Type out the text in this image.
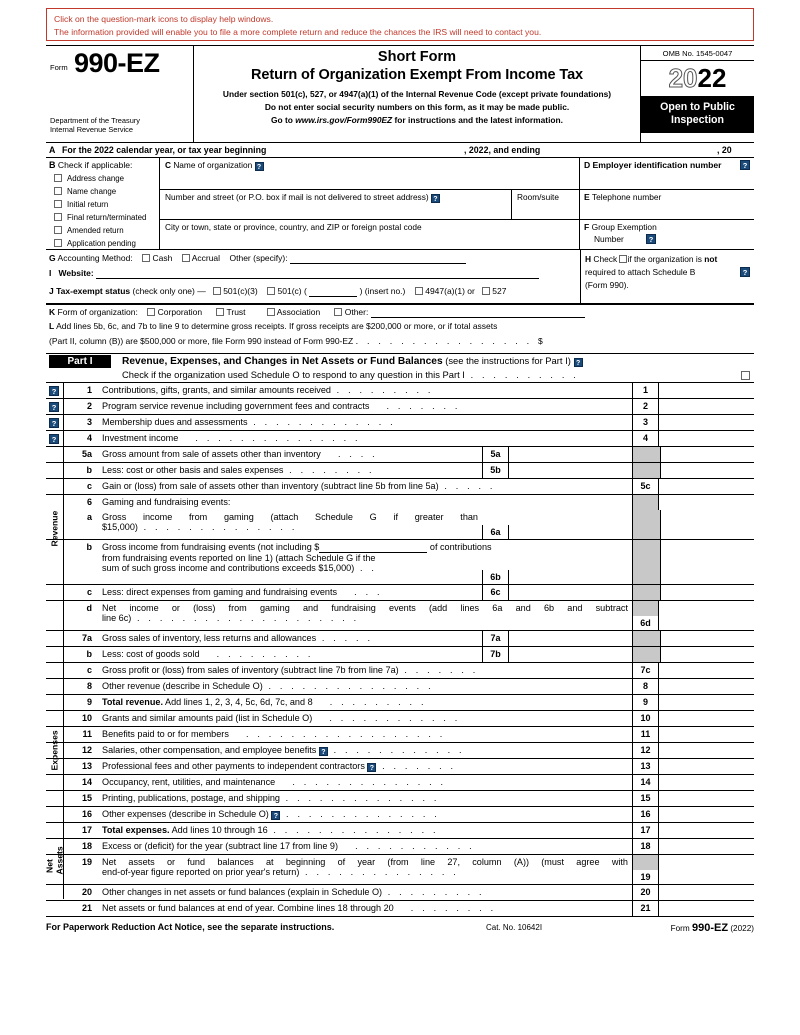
Click on the question-mark icons to display help windows.
The information provided will enable you to file a more complete return and reduce the chances the IRS will need to contact you.
Form 990-EZ
Department of the Treasury
Internal Revenue Service
Short Form
Return of Organization Exempt From Income Tax
Under section 501(c), 527, or 4947(a)(1) of the Internal Revenue Code (except private foundations)
Do not enter social security numbers on this form, as it may be made public.
Go to www.irs.gov/Form990EZ for instructions and the latest information.
OMB No. 1545-0047
2022
Open to Public
Inspection
A For the 2022 calendar year, or tax year beginning	, 2022, and ending	, 20
B Check if applicable:
Address change
Name change
Initial return
Final return/terminated
Amended return
Application pending
C Name of organization ?
Number and street (or P.O. box if mail is not delivered to street address) ?	Room/suite
City or town, state or province, country, and ZIP or foreign postal code
D Employer identification number	?
E Telephone number
F Group Exemption
Number	?
G Accounting Method: Cash Accrual Other (specify):
I Website:
J Tax-exempt status (check only one) — 501(c)(3) 501(c) (	) (insert no.) 4947(a)(1) or 527
H Check if the organization is not
required to attach Schedule B	?
(Form 990).
K Form of organization: Corporation	Trust	Association	Other:
L Add lines 5b, 6c, and 7b to line 9 to determine gross receipts. If gross receipts are $200,000 or more, or if total assets
(Part II, column (B)) are $500,000 or more, file Form 990 instead of Form 990-EZ . . . . . . . . . . . . . . . . $
Part I	Revenue, Expenses, and Changes in Net Assets or Fund Balances (see the instructions for Part I) ?
Check if the organization used Schedule O to respond to any question in this Part I . . . . . . . . . .
Revenue
Expenses
Net Assets
?	1	Contributions, gifts, grants, and similar amounts received . . . . . . . . .	1
?	2	Program service revenue including government fees and contracts   . . . . . . .	2
?	3	Membership dues and assessments . . . . . . . . . . . . .	3
?	4	Investment income   . . . . . . . . . . . . . . .	4
5a	Gross amount from sale of assets other than inventory   . . . .	5a
b	Less: cost or other basis and sales expenses . . . . . . . .	5b
c	Gain or (loss) from sale of assets other than inventory (subtract line 5b from line 5a) . . . . .	5c
6	Gaming and fundraising events:
a	Gross income from gaming (attach Schedule G if greater than
$15,000) . . . . . . . . . . . . . .	6a
b	Gross income from fundraising events (not including $	of contributions
from fundraising events reported on line 1) (attach Schedule G if the
sum of such gross income and contributions exceeds $15,000) . .
6b
c	Less: direct expenses from gaming and fundraising events   . . .	6c
d	Net income or (loss) from gaming and fundraising events (add lines 6a and 6b and subtract
line 6c) . . . . . . . . . . . . . . . . . . . .	6d
7a	Gross sales of inventory, less returns and allowances . . . . .	7a
b	Less: cost of goods sold   . . . . . . . . .	7b
c	Gross profit or (loss) from sales of inventory (subtract line 7b from line 7a) . . . . . . .	7c
8	Other revenue (describe in Schedule O) . . . . . . . . . . . . . . .	8
9	Total revenue. Add lines 1, 2, 3, 4, 5c, 6d, 7c, and 8   . . . . . . . . .	9
10	Grants and similar amounts paid (list in Schedule O)   . . . . . . . . . . . .	10
11	Benefits paid to or for members   . . . . . . . . . . . . . . . . . .	11
12	Salaries, other compensation, and employee benefits ? . . . . . . . . . . . .	12
13	Professional fees and other payments to independent contractors ? . . . . . . .	13
14	Occupancy, rent, utilities, and maintenance   . . . . . . . . . . . . . .	14
15	Printing, publications, postage, and shipping . . . . . . . . . . . . . .	15
16	Other expenses (describe in Schedule O) ? . . . . . . . . . . . . . .	16
17	Total expenses. Add lines 10 through 16 . . . . . . . . . . . . . . .	17
18	Excess or (deficit) for the year (subtract line 17 from line 9)   . . . . . . . . . . .	18
19	Net assets or fund balances at beginning of year (from line 27, column (A)) (must agree with
end-of-year figure reported on prior year's return) . . . . . . . . . . . . . .	19
20	Other changes in net assets or fund balances (explain in Schedule O) . . . . . . . . .	20
21	Net assets or fund balances at end of year. Combine lines 18 through 20   . . . . . . . .	21
For Paperwork Reduction Act Notice, see the separate instructions.	Cat. No. 10642I	Form 990-EZ (2022)
